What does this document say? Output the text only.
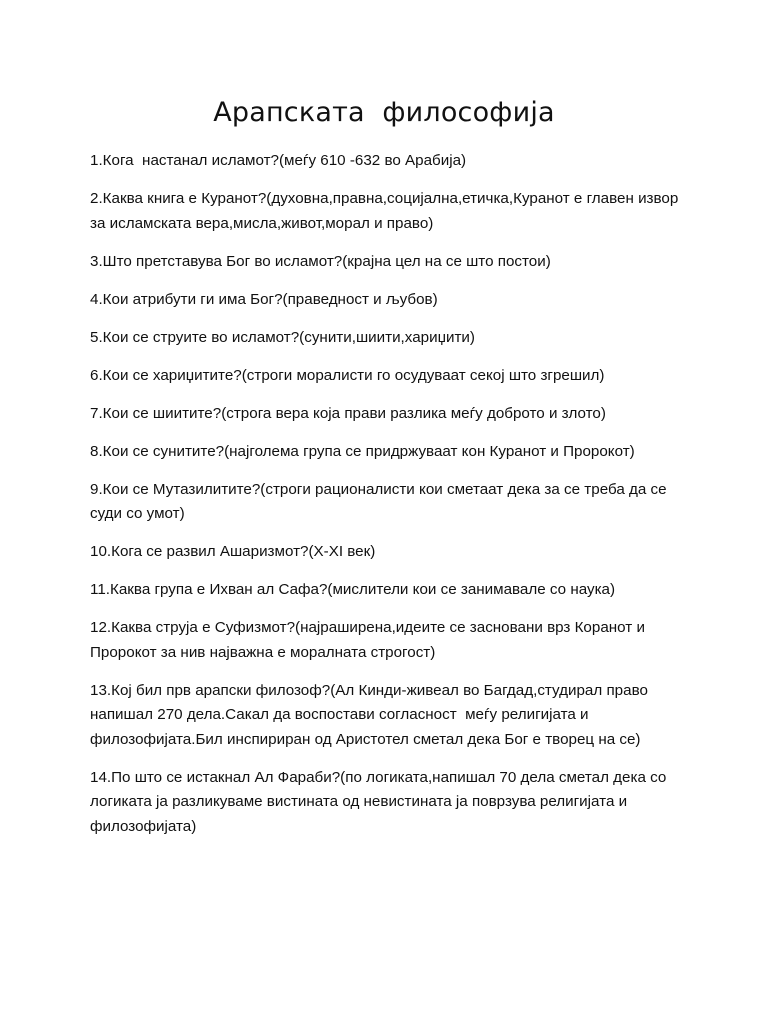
Арапската  философија
1.Кога  настанал исламот?(меѓу 610 -632 во Арабија)
2.Каква книга е Куранот?(духовна,правна,социјална,етичка,Куранот е главен извор за исламската вера,мисла,живот,морал и право)
3.Што претставува Бог во исламот?(крајна цел на се што постои)
4.Кои атрибути ги има Бог?(праведност и љубов)
5.Кои се струите во исламот?(сунити,шиити,хариџити)
6.Кои се хариџитите?(строги моралисти го осудуваат секој што згрешил)
7.Кои се шиитите?(строга вера која прави разлика меѓу доброто и злото)
8.Кои се сунитите?(најголема група се придржуваат кон Куранот и Пророкот)
9.Кои се Мутазилитите?(строги рационалисти кои сметаат дека за се треба да се суди со умот)
10.Кога се развил Ашаризмот?(X-XI век)
11.Каква група е Ихван ал Сафа?(мислители кои се занимавале со наука)
12.Каква струја е Суфизмот?(најраширена,идеите се засновани врз Коранот и Пророкот за нив најважна е моралната строгост)
13.Кој бил прв арапски филозоф?(Ал Кинди-живеал во Багдад,студирал право напишал 270 дела.Сакал да воспостави согласност  меѓу религијата и филозофијата.Бил инспириран од Аристотел сметал дека Бог е творец на се)
14.По што се истакнал Ал Фараби?(по логиката,напишал 70 дела сметал дека со логиката ја разликуваме вистината од невистината ја поврзува религијата и филозофијата)
